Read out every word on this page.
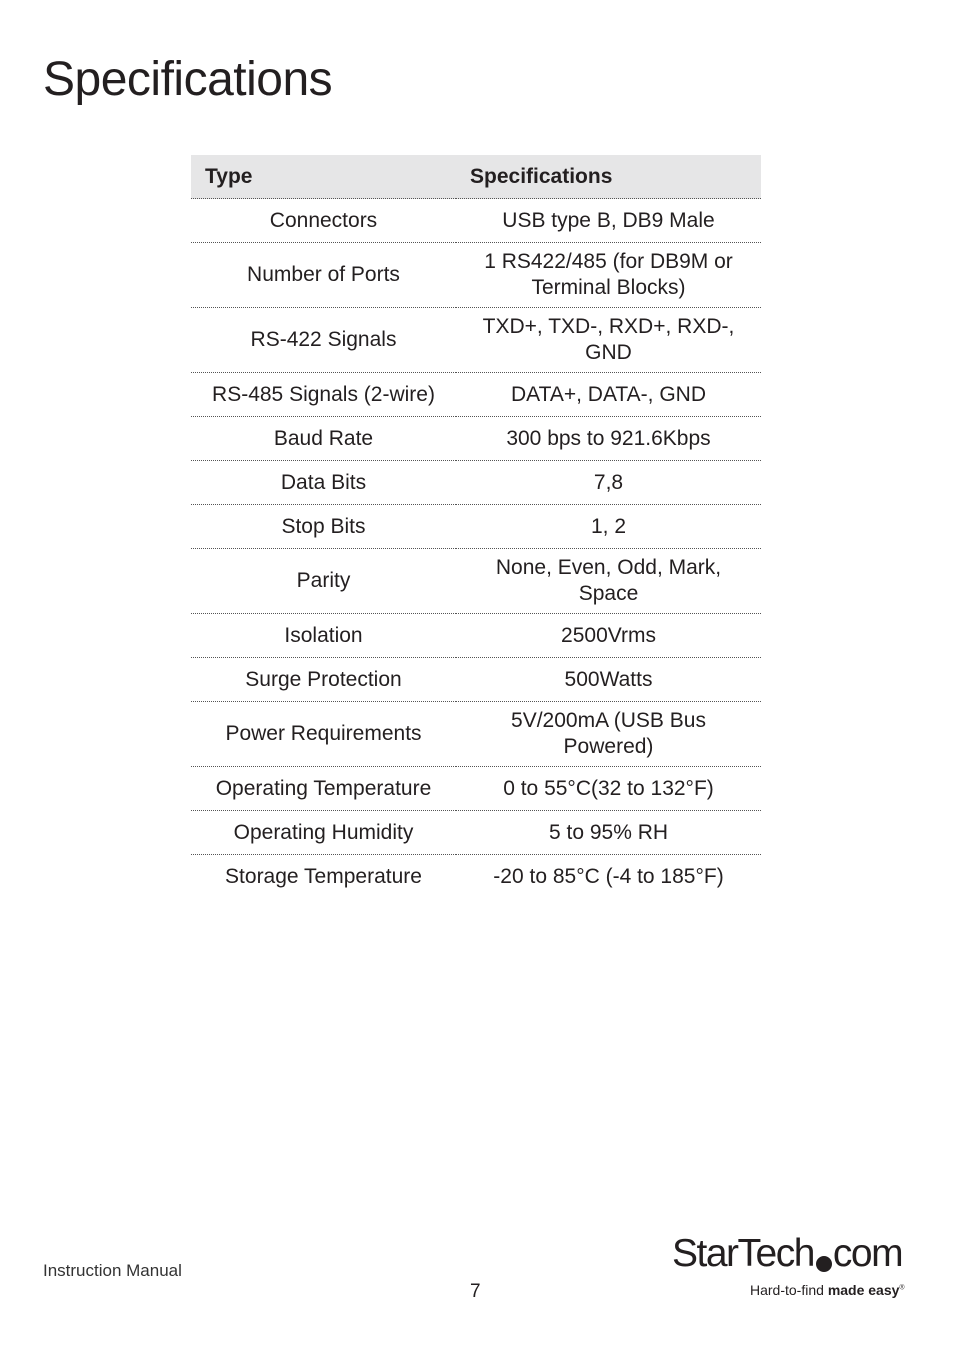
Specifications
Type	Specifications
Connectors	USB type B, DB9 Male
Number of Ports	1 RS422/485 (for DB9M or Terminal Blocks)
RS-422 Signals	TXD+, TXD-, RXD+, RXD-, GND
RS-485 Signals (2-wire)	DATA+, DATA-, GND
Baud Rate	300 bps to 921.6Kbps
Data Bits	7,8
Stop Bits	1, 2
Parity	None, Even, Odd, Mark, Space
Isolation	2500Vrms
Surge Protection	500Watts
Power Requirements	5V/200mA (USB Bus Powered)
Operating Temperature	0 to 55°C(32 to 132°F)
Operating Humidity	5 to 95% RH
Storage Temperature	-20 to 85°C (-4 to 185°F)
Instruction Manual
7
StarTech com
Hard-to-find made easy®
